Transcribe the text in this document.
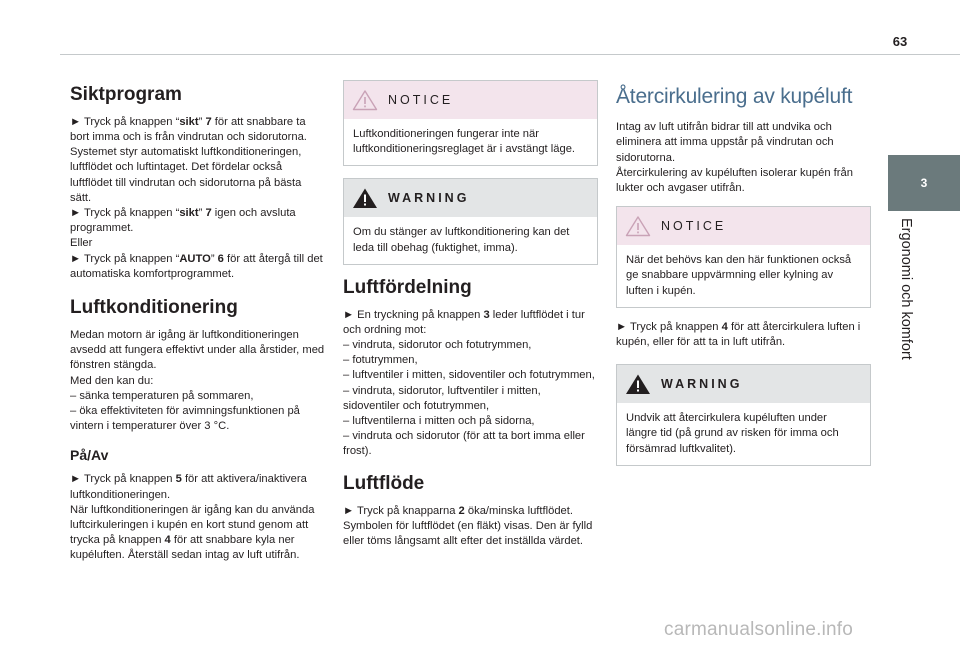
63
3
Ergonomi och komfort
Siktprogram

► Tryck på knappen “sikt” 7 för att snabbare ta bort imma och is från vindrutan och sidorutorna.

Systemet styr automatiskt luftkonditioneringen, luftflödet och luftintaget. Det fördelar också luftflödet till vindrutan och sidorutorna på bästa sätt.

► Tryck på knappen “sikt” 7 igen och avsluta programmet.

Eller

► Tryck på knappen “AUTO” 6 för att återgå till det automatiska komfortprogrammet.

Luftkonditionering

Medan motorn är igång är luftkonditioneringen avsedd att fungera effektivt under alla årstider, med fönstren stängda.

Med den kan du:

– sänka temperaturen på sommaren,

– öka effektiviteten för avimningsfunktionen på vintern i temperaturer över 3 °C.

På/Av

► Tryck på knappen 5 för att aktivera/inaktivera luftkonditioneringen.

När luftkonditioneringen är igång kan du använda luftcirkuleringen i kupén en kort stund genom att trycka på knappen 4 för att snabbare kyla ner kupéluften. Återställ sedan intag av luft utifrån.

NOTICE
Luftkonditioneringen fungerar inte när luftkonditioneringsreglaget är i avstängt läge.
WARNING
Om du stänger av luftkonditionering kan det leda till obehag (fuktighet, imma).
Luftfördelning

► En tryckning på knappen 3 leder luftflödet i tur och ordning mot:

– vindruta, sidorutor och fotutrymmen,

– fotutrymmen,

– luftventiler i mitten, sidoventiler och fotutrymmen,

– vindruta, sidorutor, luftventiler i mitten, sidoventiler och fotutrymmen,

– luftventilerna i mitten och på sidorna,

– vindruta och sidorutor (för att ta bort imma eller frost).

Luftflöde

► Tryck på knapparna 2 öka/minska luftflödet.

Symbolen för luftflödet (en fläkt) visas. Den är fylld eller töms långsamt allt efter det inställda värdet.

Återcirkulering av kupéluft

Intag av luft utifrån bidrar till att undvika och eliminera att imma uppstår på vindrutan och sidorutorna.

Återcirkulering av kupéluften isolerar kupén från lukter och avgaser utifrån.

NOTICE
När det behövs kan den här funktionen också ge snabbare uppvärmning eller kylning av luften i kupén.

► Tryck på knappen 4 för att återcirkulera luften i kupén, eller för att ta in luft utifrån.

WARNING
Undvik att återcirkulera kupéluften under längre tid (på grund av risken för imma och försämrad luftkvalitet).
carmanualsonline.info
